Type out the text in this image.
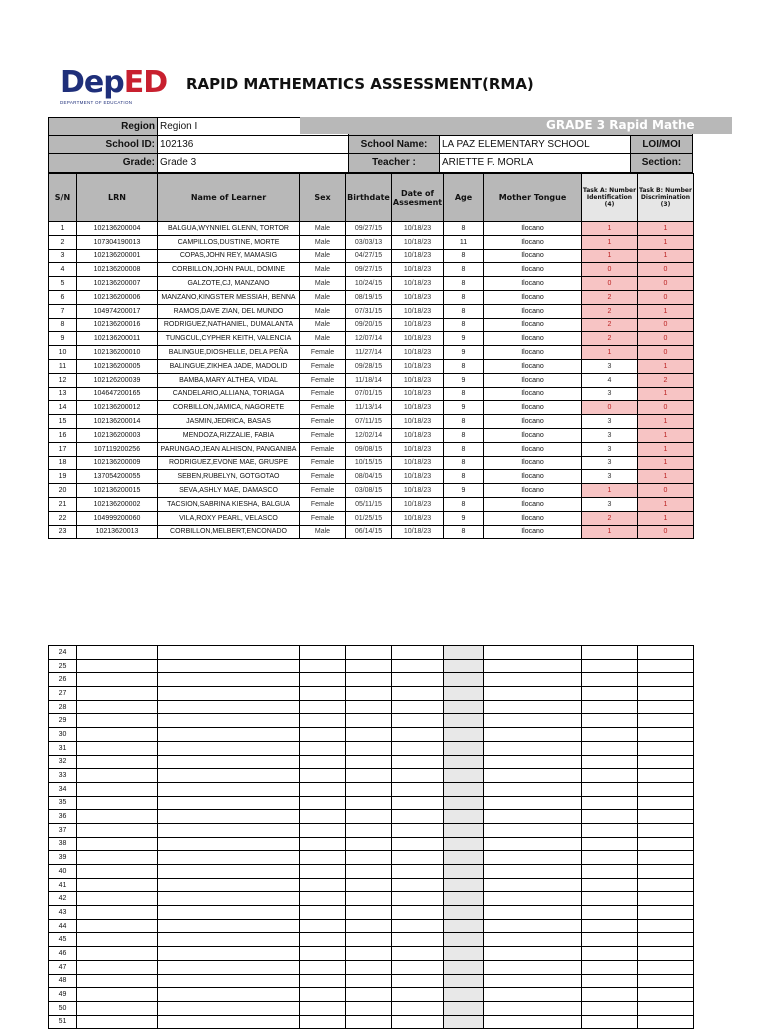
DepED
DEPARTMENT OF EDUCATION
RAPID MATHEMATICS ASSESSMENT(RMA)
Region Region I
School ID: 102136	School Name:	LA PAZ ELEMENTARY SCHOOL	LOI/MOI
Grade: Grade 3	Teacher :	ARIETTE F. MORLA	Section:
GRADE 3 Rapid Mathe
S/N	LRN	Name of Learner	Sex	Birthdate	Date of Assesment	Age	Mother Tongue	Task A: Number Identification (4)	Task B: Number Discrimination (3)
1	102136200004	BALGUA,WYNNIEL GLENN, TORTOR	Male	09/27/15	10/18/23	8	Ilocano	1	1
2	107304190013	CAMPILLOS,DUSTINE, MORTE	Male	03/03/13	10/18/23	11	Ilocano	1	1
3	102136200001	COPAS,JOHN REY, MAMASIG	Male	04/27/15	10/18/23	8	Ilocano	1	1
4	102136200008	CORBILLON,JOHN PAUL, DOMINE	Male	09/27/15	10/18/23	8	Ilocano	0	0
5	102136200007	GALZOTE,CJ, MANZANO	Male	10/24/15	10/18/23	8	Ilocano	0	0
6	102136200006	MANZANO,KINGSTER MESSIAH, BENNA	Male	08/19/15	10/18/23	8	Ilocano	2	0
7	104974200017	RAMOS,DAVE ZIAN, DEL MUNDO	Male	07/31/15	10/18/23	8	Ilocano	2	1
8	102136200016	RODRIGUEZ,NATHANIEL, DUMALANTA	Male	09/20/15	10/18/23	8	Ilocano	2	0
9	102136200011	TUNGCUL,CYPHER KEITH, VALENCIA	Male	12/07/14	10/18/23	9	Ilocano	2	0
10	102136200010	BALINGUE,DIOSHELLE, DELA PEÑA	Female	11/27/14	10/18/23	9	Ilocano	1	0
11	102136200005	BALINGUE,ZIKHEA JADE, MADOLID	Female	09/28/15	10/18/23	8	Ilocano	3	1
12	102126200039	BAMBA,MARY ALTHEA, VIDAL	Female	11/18/14	10/18/23	9	Ilocano	4	2
13	104647200165	CANDELARIO,ALLIANA, TORIAGA	Female	07/01/15	10/18/23	8	Ilocano	3	1
14	102136200012	CORBILLON,JAMICA, NAGORETE	Female	11/13/14	10/18/23	9	Ilocano	0	0
15	102136200014	JASMIN,JEDRICA, BASAS	Female	07/11/15	10/18/23	8	Ilocano	3	1
16	102136200003	MENDOZA,RIZZALIE, FABIA	Female	12/02/14	10/18/23	8	Ilocano	3	1
17	107119200256	PARUNGAO,JEAN ALHISON, PANGANIBA	Female	09/08/15	10/18/23	8	Ilocano	3	1
18	102136200009	RODRIGUEZ,EVONE MAE, GRUSPE	Female	10/15/15	10/18/23	8	Ilocano	3	1
19	137054200055	SEBEN,RUBELYN, GOTGOTAO	Female	08/04/15	10/18/23	8	Ilocano	3	1
20	102136200015	SEVA,ASHLY MAE, DAMASCO	Female	03/08/15	10/18/23	9	Ilocano	1	0
21	102136200002	TACSION,SABRINA KIESHA, BALGUA	Female	05/11/15	10/18/23	8	Ilocano	3	1
22	104999200060	VILA,ROXY PEARL, VELASCO	Female	01/25/15	10/18/23	9	Ilocano	2	1
23	10213620013	CORBILLON,MELBERT,ENCONADO	Male	06/14/15	10/18/23	8	Ilocano	1	0
24									
25									
26									
27									
28									
29									
30									
31									
32									
33									
34									
35									
36									
37									
38									
39									
40									
41									
42									
43									
44									
45									
46									
47									
48									
49									
50									
51									
